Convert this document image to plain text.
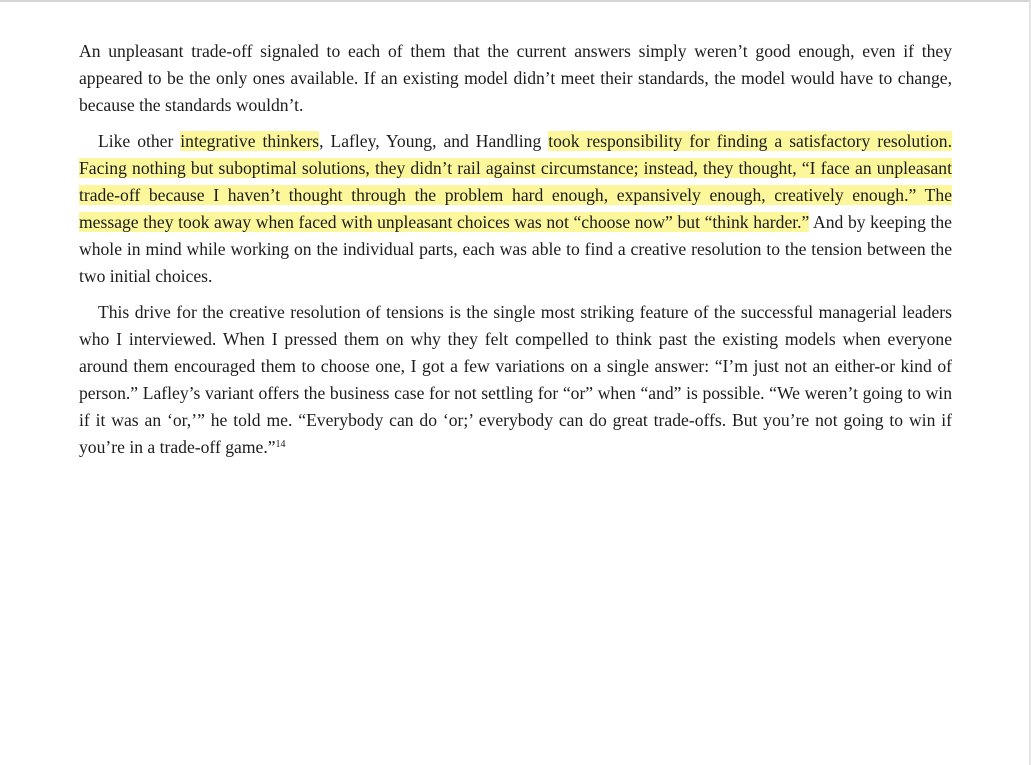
An unpleasant trade-off signaled to each of them that the current answers simply weren’t good enough, even if they appeared to be the only ones available. If an existing model didn’t meet their standards, the model would have to change, because the standards wouldn’t.

Like other integrative thinkers, Lafley, Young, and Handling took responsibility for finding a satisfactory resolution. Facing nothing but suboptimal solutions, they didn’t rail against circumstance; instead, they thought, “I face an unpleasant trade-off because I haven’t thought through the problem hard enough, expansively enough, creatively enough.” The message they took away when faced with unpleasant choices was not “choose now” but “think harder.” And by keeping the whole in mind while working on the individual parts, each was able to find a creative resolution to the tension between the two initial choices.

This drive for the creative resolution of tensions is the single most striking feature of the successful managerial leaders who I interviewed. When I pressed them on why they felt compelled to think past the existing models when everyone around them encouraged them to choose one, I got a few variations on a single answer: “I’m just not an either-or kind of person.” Lafley’s variant offers the business case for not settling for “or” when “and” is possible. “We weren’t going to win if it was an ‘or,’” he told me. “Everybody can do ‘or;’ everybody can do great trade-offs. But you’re not going to win if you’re in a trade-off game.”$^{14}$
